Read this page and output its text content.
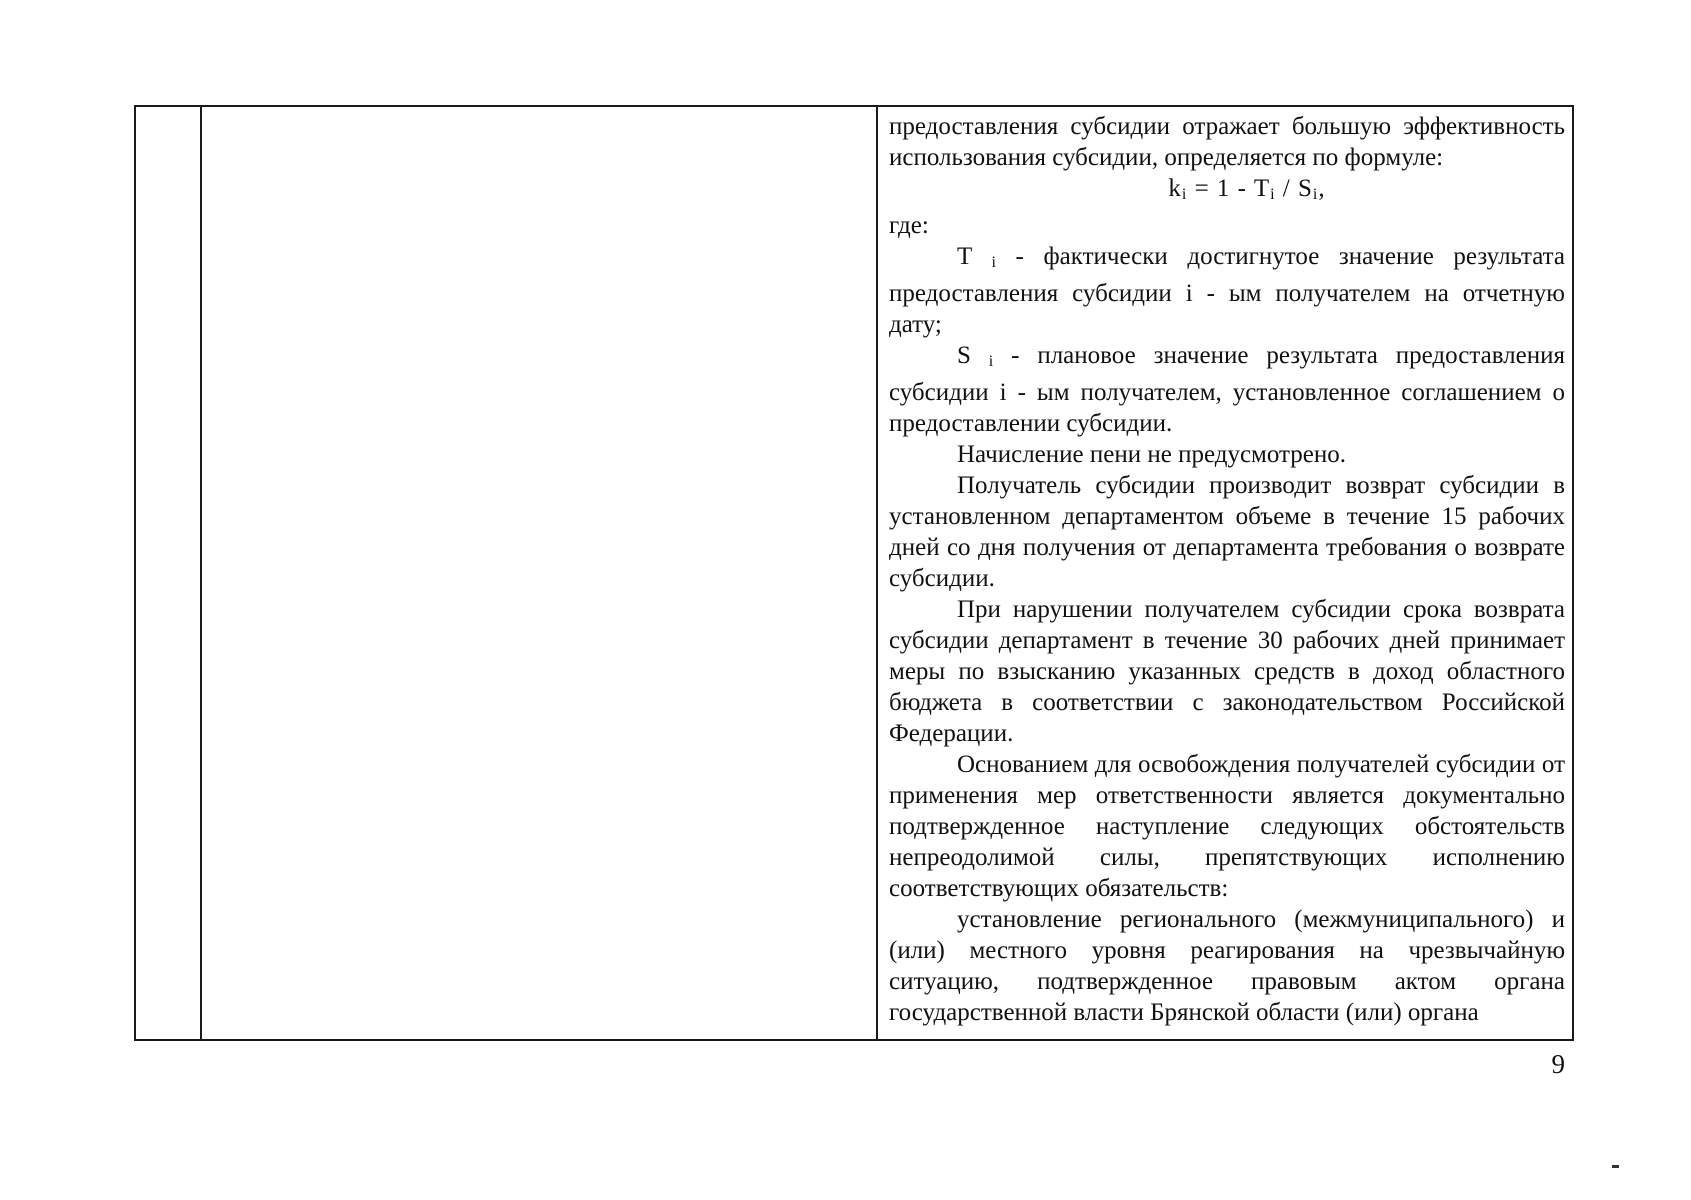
предоставления субсидии отражает большую эффективность использования субсидии, определяется по формуле:

$k_i = 1 - T_i / S_i$,

где:

T $_i$ - фактически достигнутое значение результата предоставления субсидии i - ым получателем на отчетную дату;

S $_i$ - плановое значение результата предоставления субсидии i - ым получателем, установленное соглашением о предоставлении субсидии.

Начисление пени не предусмотрено.

Получатель субсидии производит возврат субсидии в установленном департаментом объеме в течение 15 рабочих дней со дня получения от департамента требования о возврате субсидии.

При нарушении получателем субсидии срока возврата субсидии департамент в течение 30 рабочих дней принимает меры по взысканию указанных средств в доход областного бюджета в соответствии с законодательством Российской Федерации.

Основанием для освобождения получателей субсидии от применения мер ответственности является документально подтвержденное наступление следующих обстоятельств непреодолимой силы, препятствующих исполнению соответствующих обязательств:

установление регионального (межмуниципального) и (или) местного уровня реагирования на чрезвычайную ситуацию, подтвержденное правовым актом органа государственной власти Брянской области (или) органа

9
